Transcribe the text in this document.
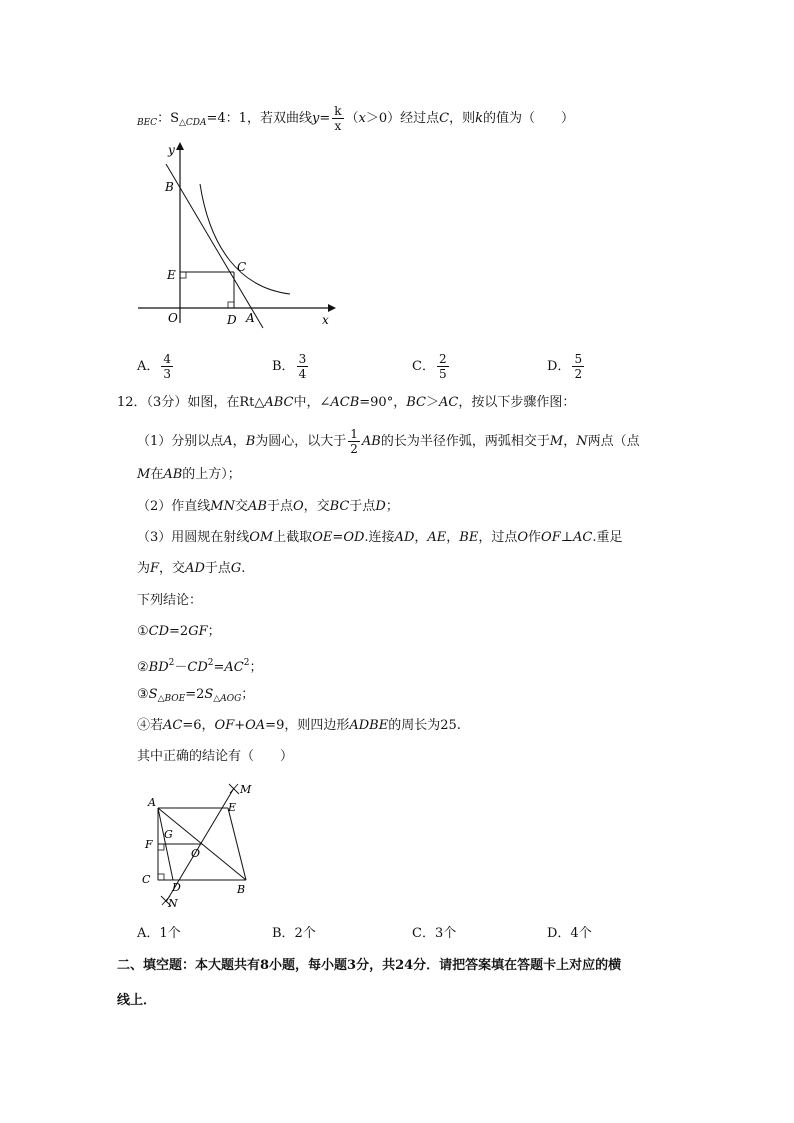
$_{BEC}$：$S_{\triangle CDA}=4$：1，若双曲线$y= \frac{k}{x} (x>0)$经过点C，则k的值为（　　）
y
x
B
E
C
O	D A
A． $\frac{4}{3}$	B． $\frac{3}{4}$	C． $\frac{2}{5}$	D． $\frac{5}{2}$
12．（3分）如图，在Rt△ABC中，∠ACB=90°，BC＞AC，按以下步骤作图：
（1）分别以点A，B为圆心，以大于 $\frac{1}{2}$ AB的长为半径作弧，两弧相交于M，N两点（点
M在AB的上方）；
（2）作直线MN交AB于点O，交BC于点D；
（3）用圆规在射线OM上截取OE=OD.连接AD，AE，BE，过点O作OF⊥AC.重足
为F，交AD于点G.
下列结论：
①CD=2GF；
$②BD^2-CD^2=AC^2$；
$③S_{\triangle BOE}=2S_{\triangle AOG}$；
④若AC=6，OF+OA=9，则四边形ADBE的周长为25.
其中正确的结论有（　　）
A
M
E
G
F
O
C
D	B
N
A．1个	B．2个	C．3个	D．4个
二、填空题：本大题共有8小题，每小题3分，共24分．请把答案填在答题卡上对应的横
线上．
